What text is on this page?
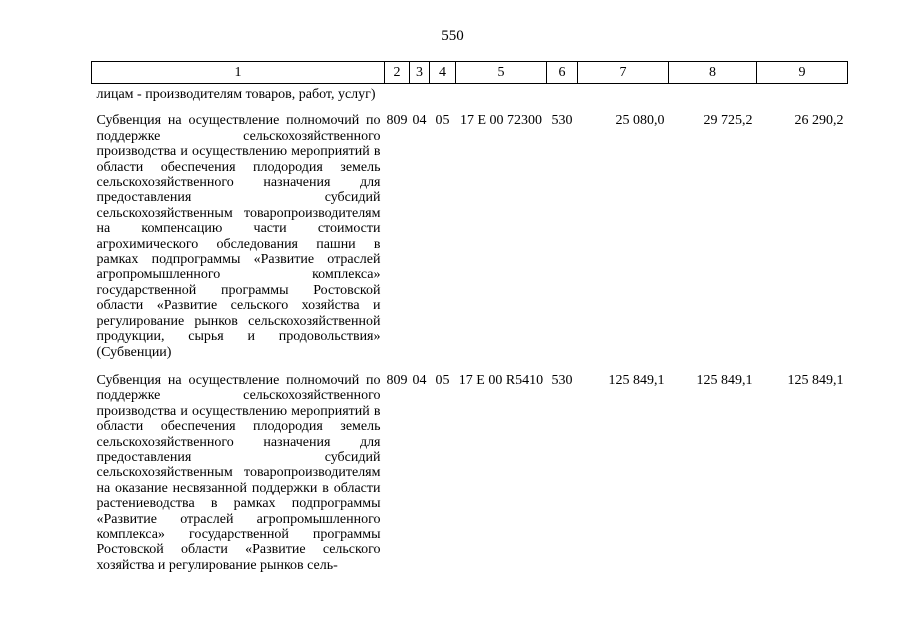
550
1	2	3	4	5	6	7	8	9
лицам - производителям товаров, работ, услуг)								
Субвенция на осуществление полномочий по поддержке сельскохозяйственного производства и осуществлению мероприятий в области обеспечения плодородия земель сельскохозяйственного назначения для предоставления субсидий сельскохозяйственным товаропроизводителям на компенсацию части стоимости агрохимического обследования пашни в рамках подпрограммы «Развитие отраслей агропромышленного комплекса» государственной программы Ростовской области «Развитие сельского хозяйства и регулирование рынков сельскохозяйственной продукции, сырья и продовольствия» (Субвенции)	809	04	05	17 Е 00 72300	530	25 080,0	29 725,2	26 290,2
Субвенция на осуществление полномочий по поддержке сельскохозяйственного производства и осуществлению мероприятий в области обеспечения плодородия земель сельскохозяйственного назначения для предоставления субсидий сельскохозяйственным товаропроизводителям на оказание несвязанной поддержки в области растениеводства в рамках подпрограммы «Развитие отраслей агропромышленного комплекса» государственной программы Ростовской области «Развитие сельского хозяйства и регулирование рынков сель-	809	04	05	17 Е 00 R5410	530	125 849,1	125 849,1	125 849,1
